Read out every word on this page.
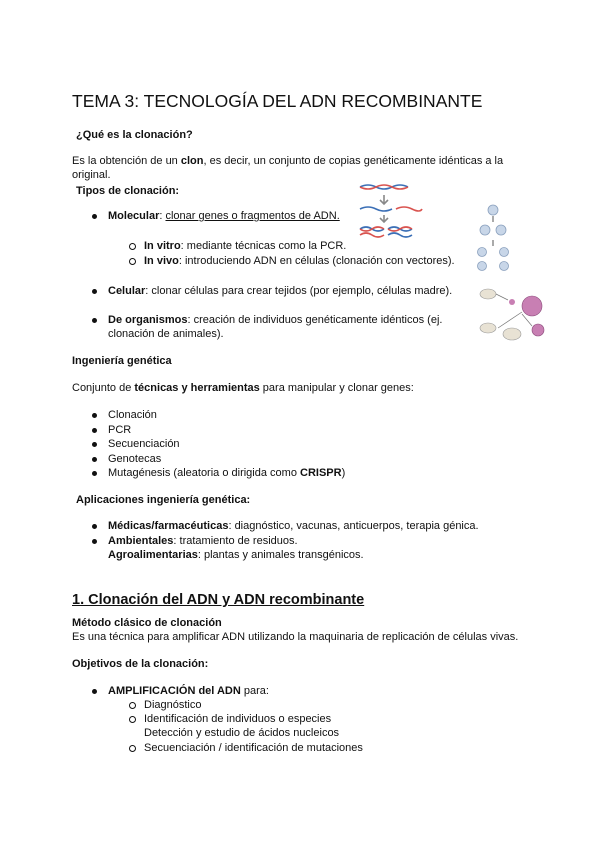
TEMA 3: TECNOLOGÍA DEL ADN RECOMBINANTE
¿Qué es la clonación?
Es la obtención de un clon, es decir, un conjunto de copias genéticamente idénticas a la
original.
Tipos de clonación:
Molecular: clonar genes o fragmentos de ADN.
In vitro: mediante técnicas como la PCR.
In vivo: introduciendo ADN en células (clonación con vectores).
Celular: clonar células para crear tejidos (por ejemplo, células madre).
De organismos: creación de individuos genéticamente idénticos (ej.
clonación de animales).
Ingeniería genética
Conjunto de técnicas y herramientas para manipular y clonar genes:
Clonación
PCR
Secuenciación
Genotecas
Mutagénesis (aleatoria o dirigida como CRISPR)
Aplicaciones ingeniería genética:
Médicas/farmacéuticas: diagnóstico, vacunas, anticuerpos, terapia génica.
Ambientales: tratamiento de residuos.
Agroalimentarias: plantas y animales transgénicos.
1. Clonación del ADN y ADN recombinante
Método clásico de clonación
Es una técnica para amplificar ADN utilizando la maquinaria de replicación de células vivas.
Objetivos de la clonación:
AMPLIFICACIÓN del ADN para:
Diagnóstico
Identificación de individuos o especies
Detección y estudio de ácidos nucleicos
Secuenciación / identificación de mutaciones
